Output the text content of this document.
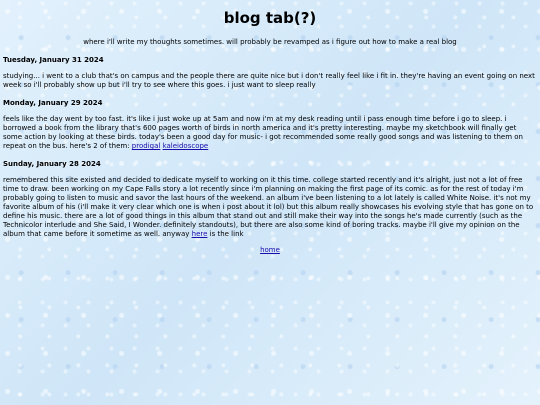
blog tab(?)
where i'll write my thoughts sometimes. will probably be revamped as i figure out how to make a real blog
Tuesday, January 31 2024

studying... i went to a club that's on campus and the people there are quite nice but i don't really feel like i fit in. they're having an event going on next week so i'll probably show up but i'll try to see where this goes. i just want to sleep really

Monday, January 29 2024

feels like the day went by too fast. it's like i just woke up at 5am and now i'm at my desk reading until i pass enough time before i go to sleep. i borrowed a book from the library that's 600 pages worth of birds in north america and it's pretty interesting. maybe my sketchbook will finally get some action by looking at these birds. today's been a good day for music- i got recommended some really good songs and was listening to them on repeat on the bus. here's 2 of them: prodigal kaleidoscope

Sunday, January 28 2024

remembered this site existed and decided to dedicate myself to working on it this time. college started recently and it's alright, just not a lot of free time to draw. been working on my Cape Falls story a lot recently since i'm planning on making the first page of its comic. as for the rest of today i'm probably going to listen to music and savor the last hours of the weekend. an album i've been listening to a lot lately is called White Noise. it's not my favorite album of his (i'll make it very clear which one is when i post about it lol) but this album really showcases his evolving style that has gone on to define his music. there are a lot of good things in this album that stand out and still make their way into the songs he's made currently (such as the Technicolor interlude and She Said, I Wonder. definitely standouts), but there are also some kind of boring tracks. maybe i'll give my opinion on the album that came before it sometime as well. anyway here is the link

home
